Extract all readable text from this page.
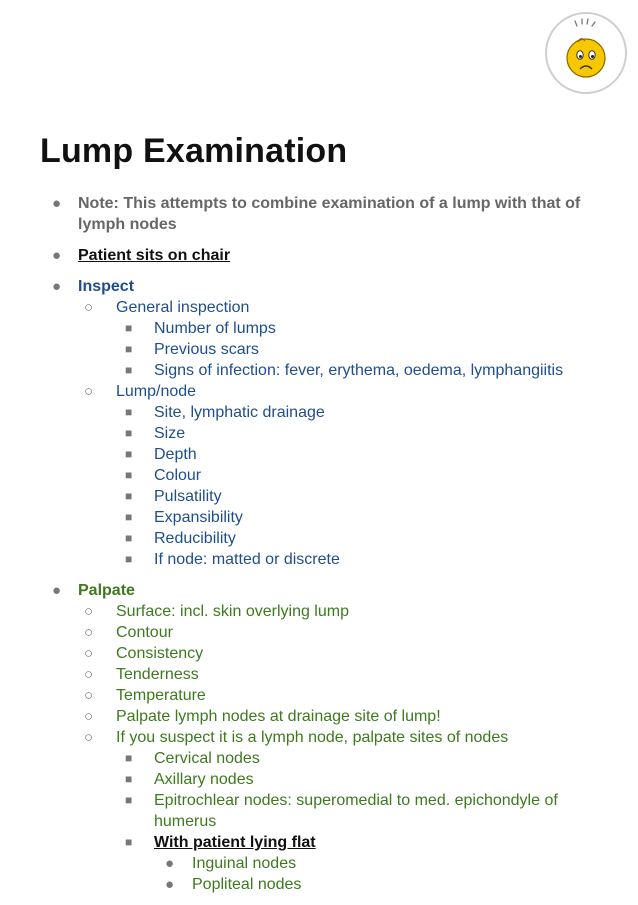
Lump Examination
● Note: This attempts to combine examination of a lump with that of lymph nodes
● Patient sits on chair
● Inspect
○ General inspection
■ Number of lumps
■ Previous scars
■ Signs of infection: fever, erythema, oedema, lymphangiitis
○ Lump/node
■ Site, lymphatic drainage
■ Size
■ Depth
■ Colour
■ Pulsatility
■ Expansibility
■ Reducibility
■ If node: matted or discrete
● Palpate
○ Surface: incl. skin overlying lump
○ Contour
○ Consistency
○ Tenderness
○ Temperature
○ Palpate lymph nodes at drainage site of lump!
○ If you suspect it is a lymph node, palpate sites of nodes
■ Cervical nodes
■ Axillary nodes
■ Epitrochlear nodes: superomedial to med. epichondyle of humerus
■ With patient lying flat
● Inguinal nodes
● Popliteal nodes
